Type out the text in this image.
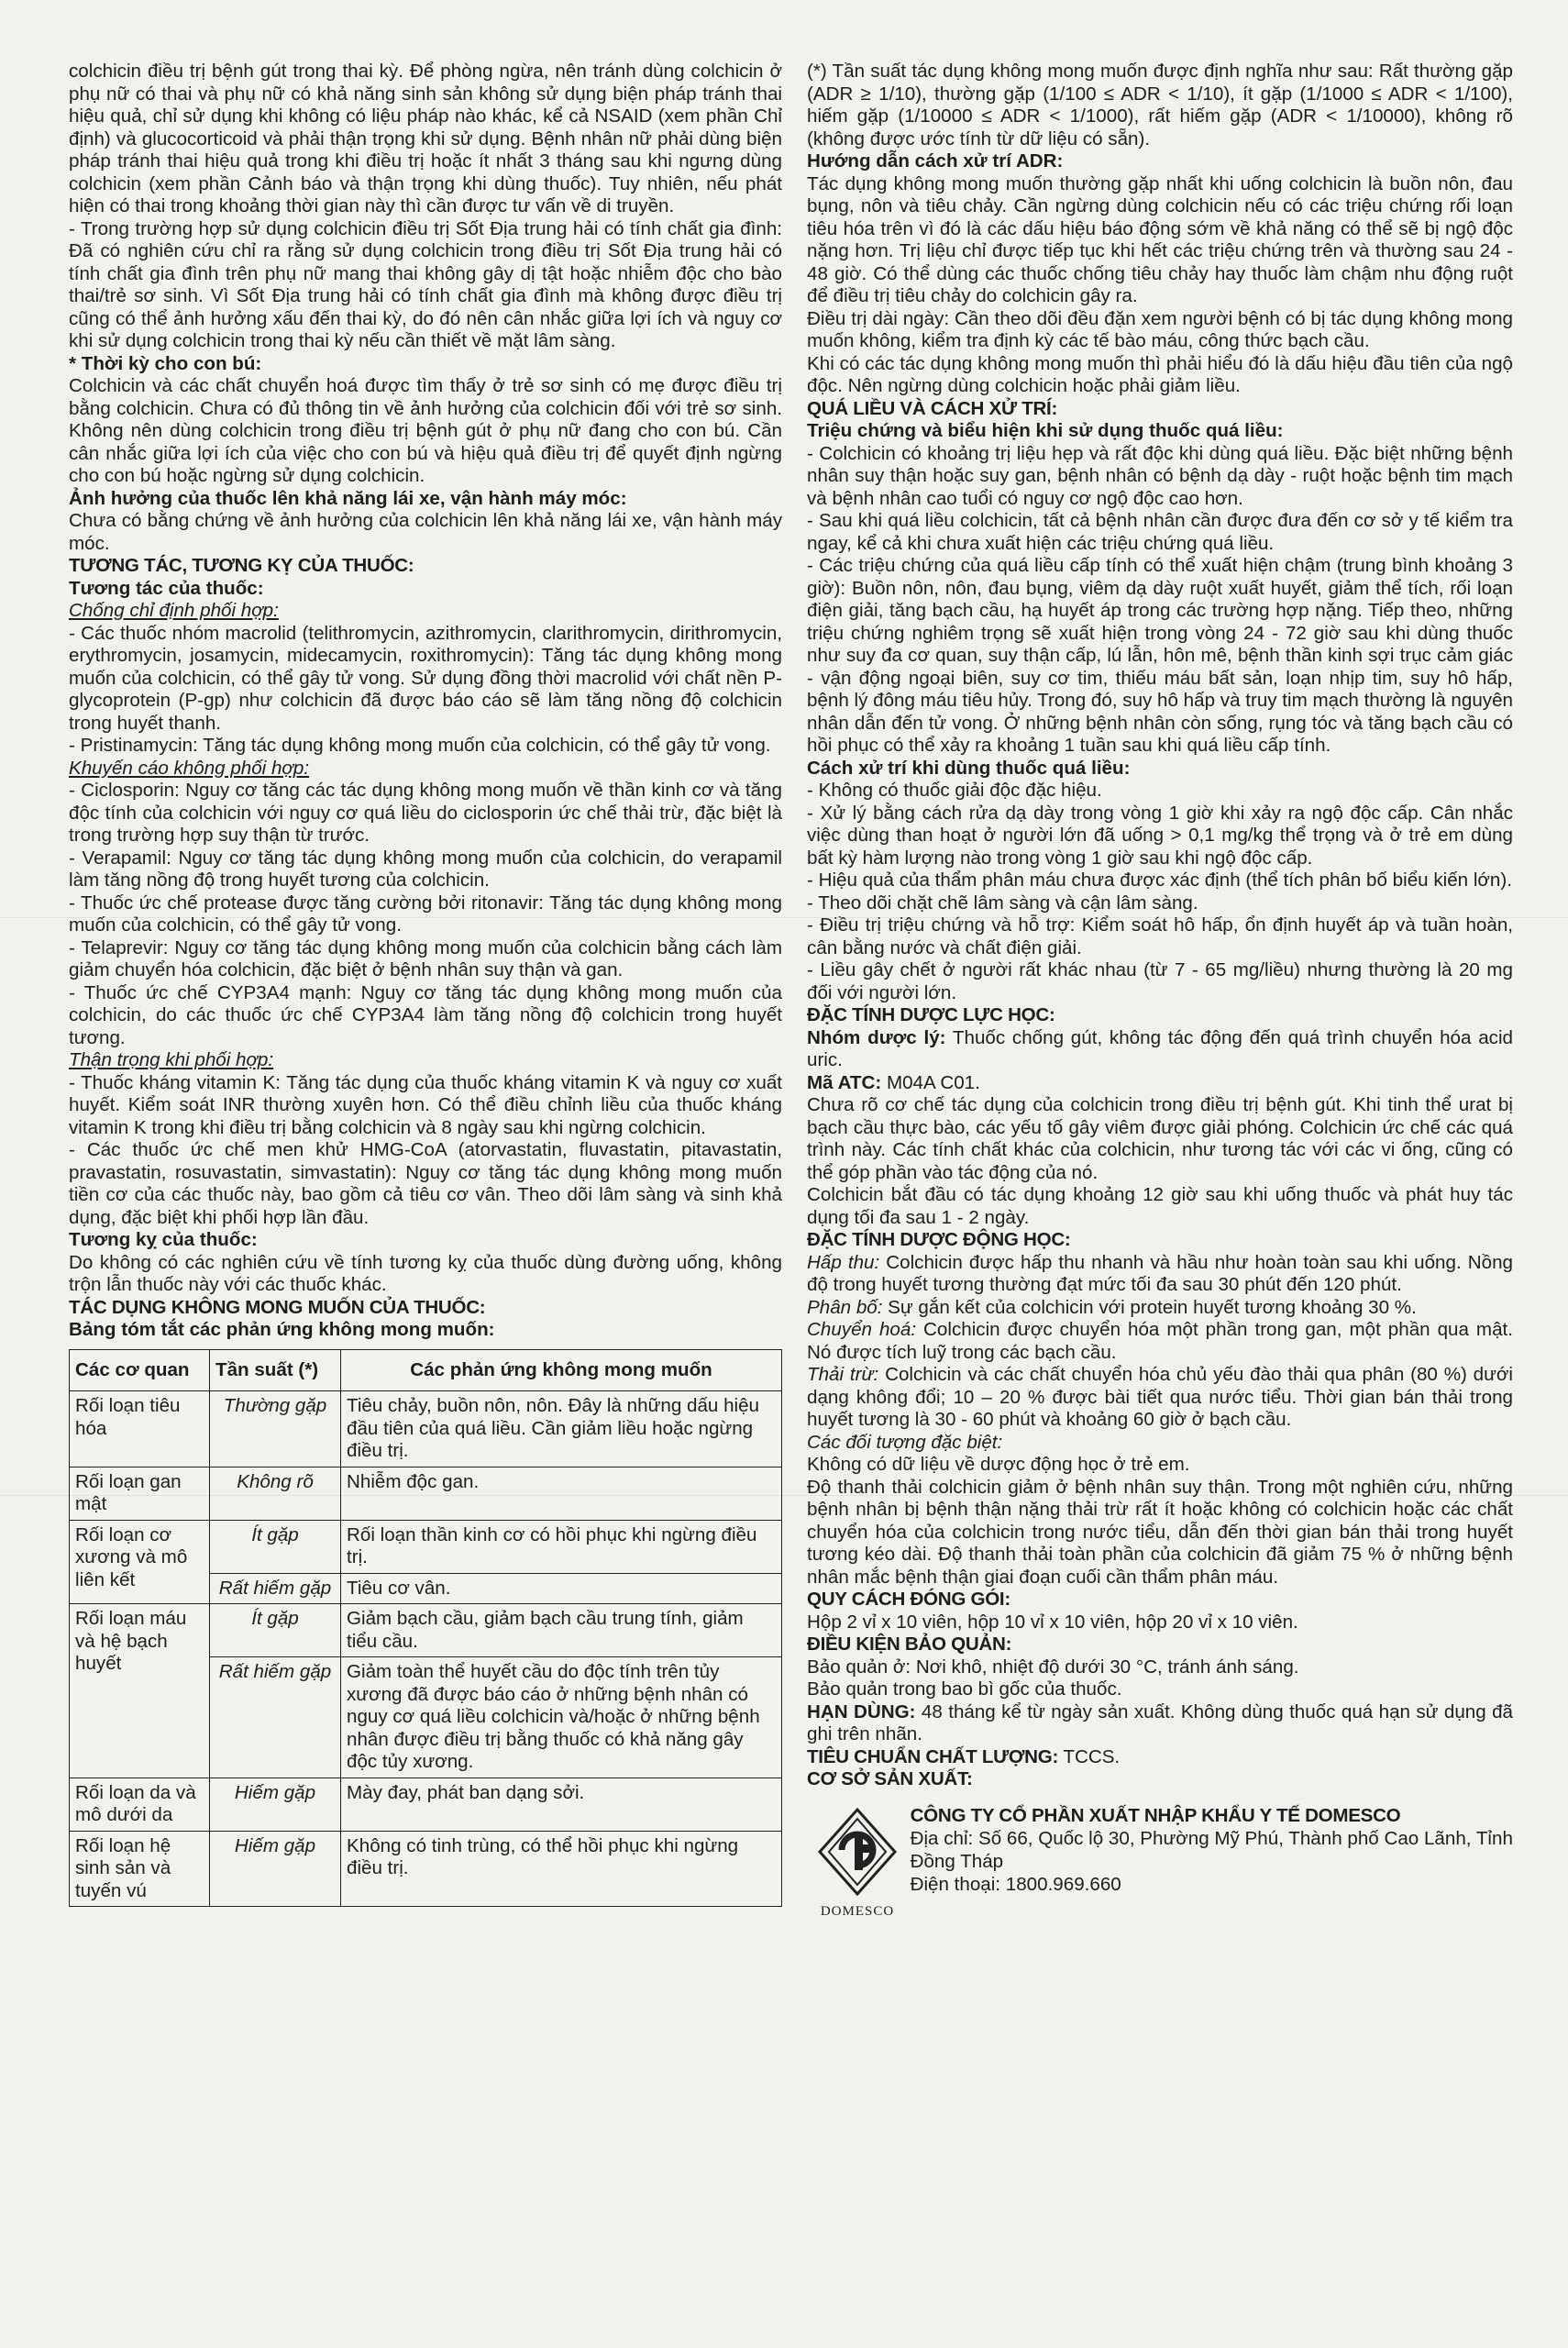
colchicin điều trị bệnh gút trong thai kỳ. Để phòng ngừa, nên tránh dùng colchicin ở phụ nữ có thai và phụ nữ có khả năng sinh sản không sử dụng biện pháp tránh thai hiệu quả, chỉ sử dụng khi không có liệu pháp nào khác, kể cả NSAID (xem phần Chỉ định) và glucocorticoid và phải thận trọng khi sử dụng. Bệnh nhân nữ phải dùng biện pháp tránh thai hiệu quả trong khi điều trị hoặc ít nhất 3 tháng sau khi ngưng dùng colchicin (xem phần Cảnh báo và thận trọng khi dùng thuốc). Tuy nhiên, nếu phát hiện có thai trong khoảng thời gian này thì cần được tư vấn về di truyền.

- Trong trường hợp sử dụng colchicin điều trị Sốt Địa trung hải có tính chất gia đình: Đã có nghiên cứu chỉ ra rằng sử dụng colchicin trong điều trị Sốt Địa trung hải có tính chất gia đình trên phụ nữ mang thai không gây dị tật hoặc nhiễm độc cho bào thai/trẻ sơ sinh. Vì Sốt Địa trung hải có tính chất gia đình mà không được điều trị cũng có thể ảnh hưởng xấu đến thai kỳ, do đó nên cân nhắc giữa lợi ích và nguy cơ khi sử dụng colchicin trong thai kỳ nếu cần thiết về mặt lâm sàng.

* Thời kỳ cho con bú:

Colchicin và các chất chuyển hoá được tìm thấy ở trẻ sơ sinh có mẹ được điều trị bằng colchicin. Chưa có đủ thông tin về ảnh hưởng của colchicin đối với trẻ sơ sinh. Không nên dùng colchicin trong điều trị bệnh gút ở phụ nữ đang cho con bú. Cần cân nhắc giữa lợi ích của việc cho con bú và hiệu quả điều trị để quyết định ngừng cho con bú hoặc ngừng sử dụng colchicin.

Ảnh hưởng của thuốc lên khả năng lái xe, vận hành máy móc:

Chưa có bằng chứng về ảnh hưởng của colchicin lên khả năng lái xe, vận hành máy móc.

TƯƠNG TÁC, TƯƠNG KỴ CỦA THUỐC:

Tương tác của thuốc:

Chống chỉ định phối hợp:

- Các thuốc nhóm macrolid (telithromycin, azithromycin, clarithromycin, dirithromycin, erythromycin, josamycin, midecamycin, roxithromycin): Tăng tác dụng không mong muốn của colchicin, có thể gây tử vong. Sử dụng đồng thời macrolid với chất nền P-glycoprotein (P-gp) như colchicin đã được báo cáo sẽ làm tăng nồng độ colchicin trong huyết thanh.

- Pristinamycin: Tăng tác dụng không mong muốn của colchicin, có thể gây tử vong.

Khuyến cáo không phối hợp:

- Ciclosporin: Nguy cơ tăng các tác dụng không mong muốn về thần kinh cơ và tăng độc tính của colchicin với nguy cơ quá liều do ciclosporin ức chế thải trừ, đặc biệt là trong trường hợp suy thận từ trước.

- Verapamil: Nguy cơ tăng tác dụng không mong muốn của colchicin, do verapamil làm tăng nồng độ trong huyết tương của colchicin.

- Thuốc ức chế protease được tăng cường bởi ritonavir: Tăng tác dụng không mong muốn của colchicin, có thể gây tử vong.

- Telaprevir: Nguy cơ tăng tác dụng không mong muốn của colchicin bằng cách làm giảm chuyển hóa colchicin, đặc biệt ở bệnh nhân suy thận và gan.

- Thuốc ức chế CYP3A4 mạnh: Nguy cơ tăng tác dụng không mong muốn của colchicin, do các thuốc ức chế CYP3A4 làm tăng nồng độ colchicin trong huyết tương.

Thận trọng khi phối hợp:

- Thuốc kháng vitamin K: Tăng tác dụng của thuốc kháng vitamin K và nguy cơ xuất huyết. Kiểm soát INR thường xuyên hơn. Có thể điều chỉnh liều của thuốc kháng vitamin K trong khi điều trị bằng colchicin và 8 ngày sau khi ngừng colchicin.

- Các thuốc ức chế men khử HMG-CoA (atorvastatin, fluvastatin, pitavastatin, pravastatin, rosuvastatin, simvastatin): Nguy cơ tăng tác dụng không mong muốn tiền cơ của các thuốc này, bao gồm cả tiêu cơ vân. Theo dõi lâm sàng và sinh khả dụng, đặc biệt khi phối hợp lần đầu.

Tương kỵ của thuốc:

Do không có các nghiên cứu về tính tương kỵ của thuốc dùng đường uống, không trộn lẫn thuốc này với các thuốc khác.

TÁC DỤNG KHÔNG MONG MUỐN CỦA THUỐC:

Bảng tóm tắt các phản ứng không mong muốn:

Các cơ quan	Tần suất (*)	Các phản ứng không mong muốn
Rối loạn tiêu hóa	Thường gặp	Tiêu chảy, buồn nôn, nôn. Đây là những dấu hiệu đầu tiên của quá liều. Cần giảm liều hoặc ngừng điều trị.
Rối loạn gan mật	Không rõ	Nhiễm độc gan.
Rối loạn cơ xương và mô liên kết	Ít gặp	Rối loạn thần kinh cơ có hồi phục khi ngừng điều trị.
	Rất hiếm gặp	Tiêu cơ vân.
Rối loạn máu và hệ bạch huyết	Ít gặp	Giảm bạch cầu, giảm bạch cầu trung tính, giảm tiểu cầu.
	Rất hiếm gặp	Giảm toàn thể huyết cầu do độc tính trên tủy xương đã được báo cáo ở những bệnh nhân có nguy cơ quá liều colchicin và/hoặc ở những bệnh nhân được điều trị bằng thuốc có khả năng gây độc tủy xương.
Rối loạn da và mô dưới da	Hiếm gặp	Mày đay, phát ban dạng sởi.
Rối loạn hệ sinh sản và tuyến vú	Hiếm gặp	Không có tinh trùng, có thể hồi phục khi ngừng điều trị.

(*) Tần suất tác dụng không mong muốn được định nghĩa như sau: Rất thường gặp (ADR ≥ 1/10), thường gặp (1/100 ≤ ADR < 1/10), ít gặp (1/1000 ≤ ADR < 1/100), hiếm gặp (1/10000 ≤ ADR < 1/1000), rất hiếm gặp (ADR < 1/10000), không rõ (không được ước tính từ dữ liệu có sẵn).

Hướng dẫn cách xử trí ADR:

Tác dụng không mong muốn thường gặp nhất khi uống colchicin là buồn nôn, đau bụng, nôn và tiêu chảy. Cần ngừng dùng colchicin nếu có các triệu chứng rối loạn tiêu hóa trên vì đó là các dấu hiệu báo động sớm về khả năng có thể sẽ bị ngộ độc nặng hơn. Trị liệu chỉ được tiếp tục khi hết các triệu chứng trên và thường sau 24 - 48 giờ. Có thể dùng các thuốc chống tiêu chảy hay thuốc làm chậm nhu động ruột để điều trị tiêu chảy do colchicin gây ra.

Điều trị dài ngày: Cần theo dõi đều đặn xem người bệnh có bị tác dụng không mong muốn không, kiểm tra định kỳ các tế bào máu, công thức bạch cầu.

Khi có các tác dụng không mong muốn thì phải hiểu đó là dấu hiệu đầu tiên của ngộ độc. Nên ngừng dùng colchicin hoặc phải giảm liều.

QUÁ LIỀU VÀ CÁCH XỬ TRÍ:

Triệu chứng và biểu hiện khi sử dụng thuốc quá liều:

- Colchicin có khoảng trị liệu hẹp và rất độc khi dùng quá liều. Đặc biệt những bệnh nhân suy thận hoặc suy gan, bệnh nhân có bệnh dạ dày - ruột hoặc bệnh tim mạch và bệnh nhân cao tuổi có nguy cơ ngộ độc cao hơn.

- Sau khi quá liều colchicin, tất cả bệnh nhân cần được đưa đến cơ sở y tế kiểm tra ngay, kể cả khi chưa xuất hiện các triệu chứng quá liều.

- Các triệu chứng của quá liều cấp tính có thể xuất hiện chậm (trung bình khoảng 3 giờ): Buồn nôn, nôn, đau bụng, viêm dạ dày ruột xuất huyết, giảm thể tích, rối loạn điện giải, tăng bạch cầu, hạ huyết áp trong các trường hợp nặng. Tiếp theo, những triệu chứng nghiêm trọng sẽ xuất hiện trong vòng 24 - 72 giờ sau khi dùng thuốc như suy đa cơ quan, suy thận cấp, lú lẫn, hôn mê, bệnh thần kinh sợi trục cảm giác - vận động ngoại biên, suy cơ tim, thiếu máu bất sản, loạn nhịp tim, suy hô hấp, bệnh lý đông máu tiêu hủy. Trong đó, suy hô hấp và truy tim mạch thường là nguyên nhân dẫn đến tử vong. Ở những bệnh nhân còn sống, rụng tóc và tăng bạch cầu có hồi phục có thể xảy ra khoảng 1 tuần sau khi quá liều cấp tính.

Cách xử trí khi dùng thuốc quá liều:

- Không có thuốc giải độc đặc hiệu.

- Xử lý bằng cách rửa dạ dày trong vòng 1 giờ khi xảy ra ngộ độc cấp. Cân nhắc việc dùng than hoạt ở người lớn đã uống > 0,1 mg/kg thể trọng và ở trẻ em dùng bất kỳ hàm lượng nào trong vòng 1 giờ sau khi ngộ độc cấp.

- Hiệu quả của thẩm phân máu chưa được xác định (thể tích phân bố biểu kiến lớn).

- Theo dõi chặt chẽ lâm sàng và cận lâm sàng.

- Điều trị triệu chứng và hỗ trợ: Kiểm soát hô hấp, ổn định huyết áp và tuần hoàn, cân bằng nước và chất điện giải.

- Liều gây chết ở người rất khác nhau (từ 7 - 65 mg/liều) nhưng thường là 20 mg đối với người lớn.

ĐẶC TÍNH DƯỢC LỰC HỌC:

Nhóm dược lý: Thuốc chống gút, không tác động đến quá trình chuyển hóa acid uric.

Mã ATC: M04A C01.

Chưa rõ cơ chế tác dụng của colchicin trong điều trị bệnh gút. Khi tinh thể urat bị bạch cầu thực bào, các yếu tố gây viêm được giải phóng. Colchicin ức chế các quá trình này. Các tính chất khác của colchicin, như tương tác với các vi ống, cũng có thể góp phần vào tác động của nó.

Colchicin bắt đầu có tác dụng khoảng 12 giờ sau khi uống thuốc và phát huy tác dụng tối đa sau 1 - 2 ngày.

ĐẶC TÍNH DƯỢC ĐỘNG HỌC:

Hấp thu: Colchicin được hấp thu nhanh và hầu như hoàn toàn sau khi uống. Nồng độ trong huyết tương thường đạt mức tối đa sau 30 phút đến 120 phút.

Phân bố: Sự gắn kết của colchicin với protein huyết tương khoảng 30 %.

Chuyển hoá: Colchicin được chuyển hóa một phần trong gan, một phần qua mật. Nó được tích luỹ trong các bạch cầu.

Thải trừ: Colchicin và các chất chuyển hóa chủ yếu đào thải qua phân (80 %) dưới dạng không đổi; 10 – 20 % được bài tiết qua nước tiểu. Thời gian bán thải trong huyết tương là 30 - 60 phút và khoảng 60 giờ ở bạch cầu.

Các đối tượng đặc biệt:

Không có dữ liệu về dược động học ở trẻ em.

Độ thanh thải colchicin giảm ở bệnh nhân suy thận. Trong một nghiên cứu, những bệnh nhân bị bệnh thận nặng thải trừ rất ít hoặc không có colchicin hoặc các chất chuyển hóa của colchicin trong nước tiểu, dẫn đến thời gian bán thải trong huyết tương kéo dài. Độ thanh thải toàn phần của colchicin đã giảm 75 % ở những bệnh nhân mắc bệnh thận giai đoạn cuối cần thẩm phân máu.

QUY CÁCH ĐÓNG GÓI:

Hộp 2 vỉ x 10 viên, hộp 10 vỉ x 10 viên, hộp 20 vỉ x 10 viên.

ĐIỀU KIỆN BẢO QUẢN:

Bảo quản ở: Nơi khô, nhiệt độ dưới 30 °C, tránh ánh sáng.

Bảo quản trong bao bì gốc của thuốc.

HẠN DÙNG: 48 tháng kể từ ngày sản xuất. Không dùng thuốc quá hạn sử dụng đã ghi trên nhãn.

TIÊU CHUẨN CHẤT LƯỢNG: TCCS.

CƠ SỞ SẢN XUẤT:

DOMESCO
CÔNG TY CỔ PHẦN XUẤT NHẬP KHẨU Y TẾ DOMESCO
Địa chỉ: Số 66, Quốc lộ 30, Phường Mỹ Phú, Thành phố Cao Lãnh, Tỉnh Đồng Tháp
Điện thoại: 1800.969.660
